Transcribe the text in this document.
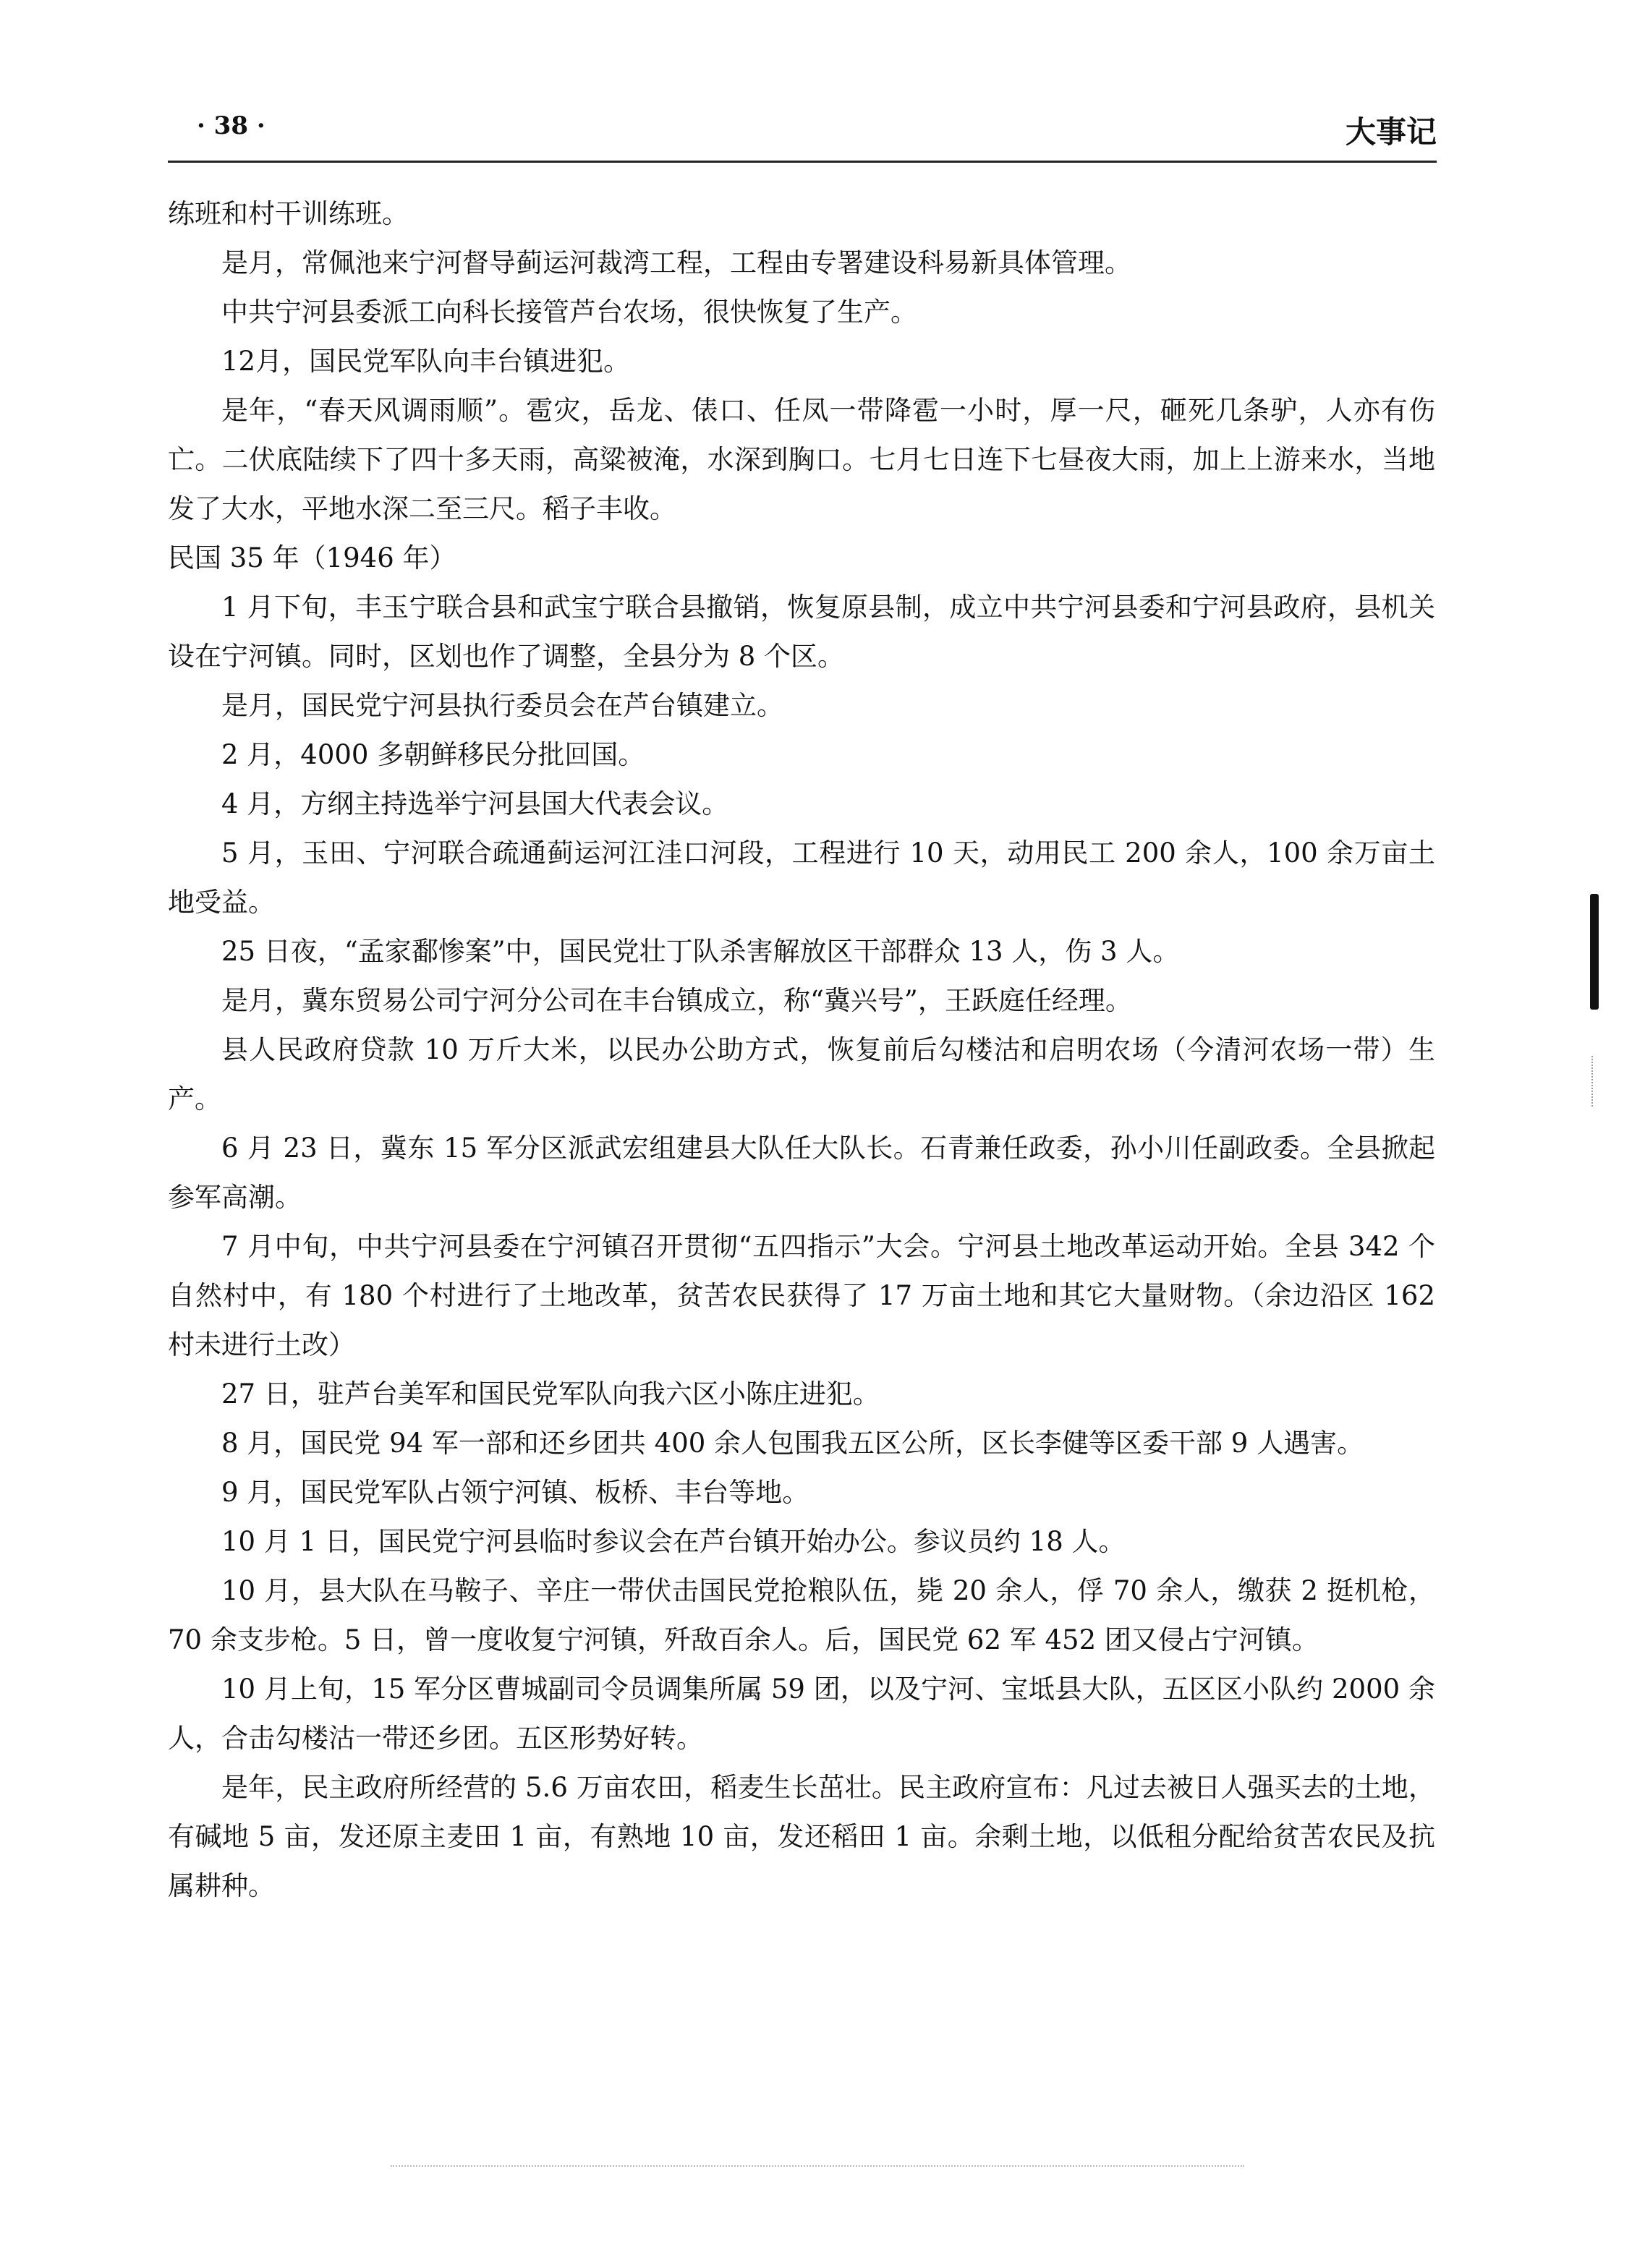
· 38 ·	大事记

练班和村干训练班。

是月，常佩池来宁河督导蓟运河裁湾工程，工程由专署建设科易新具体管理。

中共宁河县委派工向科长接管芦台农场，很快恢复了生产。

12月，国民党军队向丰台镇进犯。

是年，“春天风调雨顺”。雹灾，岳龙、俵口、任凤一带降雹一小时，厚一尺，砸死几条驴，人亦有伤亡。二伏底陆续下了四十多天雨，高粱被淹，水深到胸口。七月七日连下七昼夜大雨，加上上游来水，当地发了大水，平地水深二至三尺。稻子丰收。

民国 35 年（1946 年）

1 月下旬，丰玉宁联合县和武宝宁联合县撤销，恢复原县制，成立中共宁河县委和宁河县政府，县机关设在宁河镇。同时，区划也作了调整，全县分为 8 个区。

是月，国民党宁河县执行委员会在芦台镇建立。

2 月，4000 多朝鲜移民分批回国。

4 月，方纲主持选举宁河县国大代表会议。

5 月，玉田、宁河联合疏通蓟运河江洼口河段，工程进行 10 天，动用民工 200 余人，100 余万亩土地受益。

25 日夜，“孟家鄱惨案”中，国民党壮丁队杀害解放区干部群众 13 人，伤 3 人。

是月，冀东贸易公司宁河分公司在丰台镇成立，称“冀兴号”，王跃庭任经理。

县人民政府贷款 10 万斤大米，以民办公助方式，恢复前后勾楼沽和启明农场（今清河农场一带）生产。

6 月 23 日，冀东 15 军分区派武宏组建县大队任大队长。石青兼任政委，孙小川任副政委。全县掀起参军高潮。

7 月中旬，中共宁河县委在宁河镇召开贯彻“五四指示”大会。宁河县土地改革运动开始。全县 342 个自然村中，有 180 个村进行了土地改革，贫苦农民获得了 17 万亩土地和其它大量财物。（余边沿区 162 村未进行土改）

27 日，驻芦台美军和国民党军队向我六区小陈庄进犯。

8 月，国民党 94 军一部和还乡团共 400 余人包围我五区公所，区长李健等区委干部 9 人遇害。

9 月，国民党军队占领宁河镇、板桥、丰台等地。

10 月 1 日，国民党宁河县临时参议会在芦台镇开始办公。参议员约 18 人。

10 月，县大队在马鞍子、辛庄一带伏击国民党抢粮队伍，毙 20 余人，俘 70 余人，缴获 2 挺机枪，70 余支步枪。5 日，曾一度收复宁河镇，歼敌百余人。后，国民党 62 军 452 团又侵占宁河镇。

10 月上旬，15 军分区曹城副司令员调集所属 59 团，以及宁河、宝坻县大队，五区区小队约 2000 余人，合击勾楼沽一带还乡团。五区形势好转。

是年，民主政府所经营的 5.6 万亩农田，稻麦生长茁壮。民主政府宣布：凡过去被日人强买去的土地，有碱地 5 亩，发还原主麦田 1 亩，有熟地 10 亩，发还稻田 1 亩。余剩土地，以低租分配给贫苦农民及抗属耕种。
